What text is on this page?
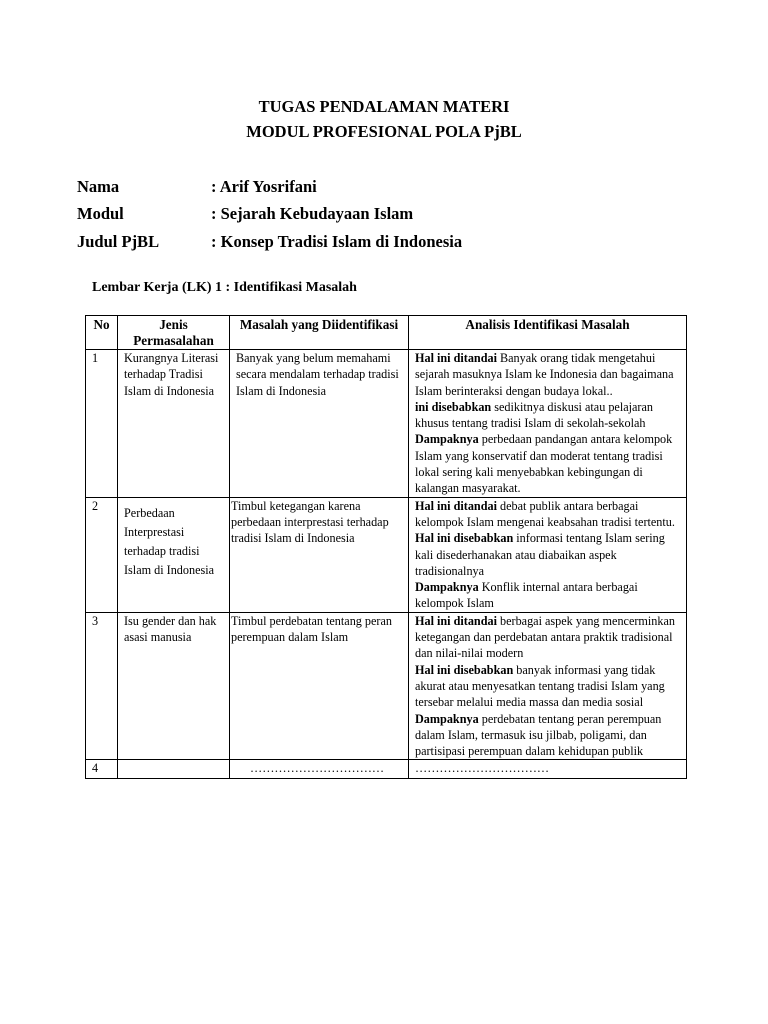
TUGAS PENDALAMAN MATERI
MODUL PROFESIONAL POLA PjBL
Nama	: Arif Yosrifani
Modul	: Sejarah Kebudayaan Islam
Judul PjBL	: Konsep Tradisi Islam di Indonesia
Lembar Kerja (LK) 1 : Identifikasi Masalah
No	Jenis Permasalahan	Masalah yang Diidentifikasi	Analisis Identifikasi Masalah
1	Kurangnya Literasi terhadap Tradisi Islam di Indonesia	Banyak yang belum memahami secara mendalam terhadap tradisi Islam di Indonesia	Hal ini ditandai Banyak orang tidak mengetahui sejarah masuknya Islam ke Indonesia dan bagaimana Islam berinteraksi dengan budaya lokal..
ini disebabkan sedikitnya diskusi atau pelajaran khusus tentang tradisi Islam di sekolah-sekolah
Dampaknya perbedaan pandangan antara kelompok Islam yang konservatif dan moderat tentang tradisi lokal sering kali menyebabkan kebingungan di kalangan masyarakat.
2	Perbedaan Interprestasi terhadap tradisi Islam di Indonesia	Timbul ketegangan karena perbedaan interprestasi terhadap tradisi Islam di Indonesia	Hal ini ditandai debat publik antara berbagai kelompok Islam mengenai keabsahan tradisi tertentu.
Hal ini disebabkan informasi tentang Islam sering kali disederhanakan atau diabaikan aspek tradisionalnya
Dampaknya Konflik internal antara berbagai kelompok Islam
3	Isu gender dan hak asasi manusia	Timbul perdebatan tentang peran perempuan dalam Islam	Hal ini ditandai berbagai aspek yang mencerminkan ketegangan dan perdebatan antara praktik tradisional dan nilai-nilai modern
Hal ini disebabkan banyak informasi yang tidak akurat atau menyesatkan tentang tradisi Islam yang tersebar melalui media massa dan media sosial
Dampaknya perdebatan tentang peran perempuan dalam Islam, termasuk isu jilbab, poligami, dan partisipasi perempuan dalam kehidupan publik
4		……………………………	……………………………
